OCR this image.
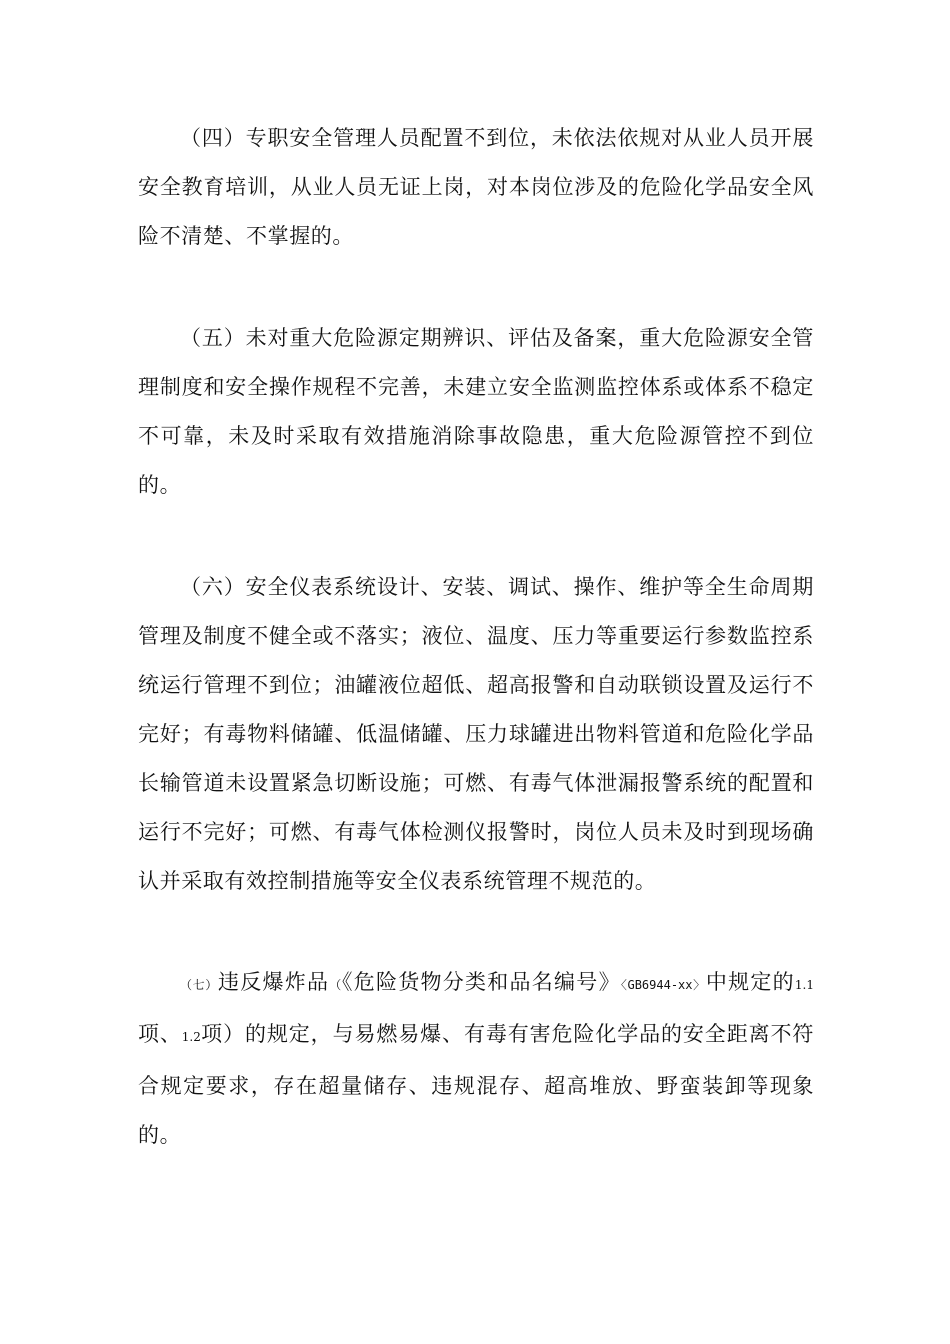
（四）专职安全管理人员配置不到位，未依法依规对从业人员开展安全教育培训，从业人员无证上岗，对本岗位涉及的危险化学品安全风险不清楚、不掌握的。

（五）未对重大危险源定期辨识、评估及备案，重大危险源安全管理制度和安全操作规程不完善，未建立安全监测监控体系或体系不稳定不可靠，未及时采取有效措施消除事故隐患，重大危险源管控不到位的。

（六）安全仪表系统设计、安装、调试、操作、维护等全生命周期管理及制度不健全或不落实；液位、温度、压力等重要运行参数监控系统运行管理不到位；油罐液位超低、超高报警和自动联锁设置及运行不完好；有毒物料储罐、低温储罐、压力球罐进出物料管道和危险化学品长输管道未设置紧急切断设施；可燃、有毒气体泄漏报警系统的配置和运行不完好；可燃、有毒气体检测仪报警时，岗位人员未及时到现场确认并采取有效控制措施等安全仪表系统管理不规范的。

（七）违反爆炸品（《危险货物分类和品名编号》〈GB6944-xx〉中规定的1.1项、1.2项）的规定，与易燃易爆、有毒有害危险化学品的安全距离不符合规定要求，存在超量储存、违规混存、超高堆放、野蛮装卸等现象的。
